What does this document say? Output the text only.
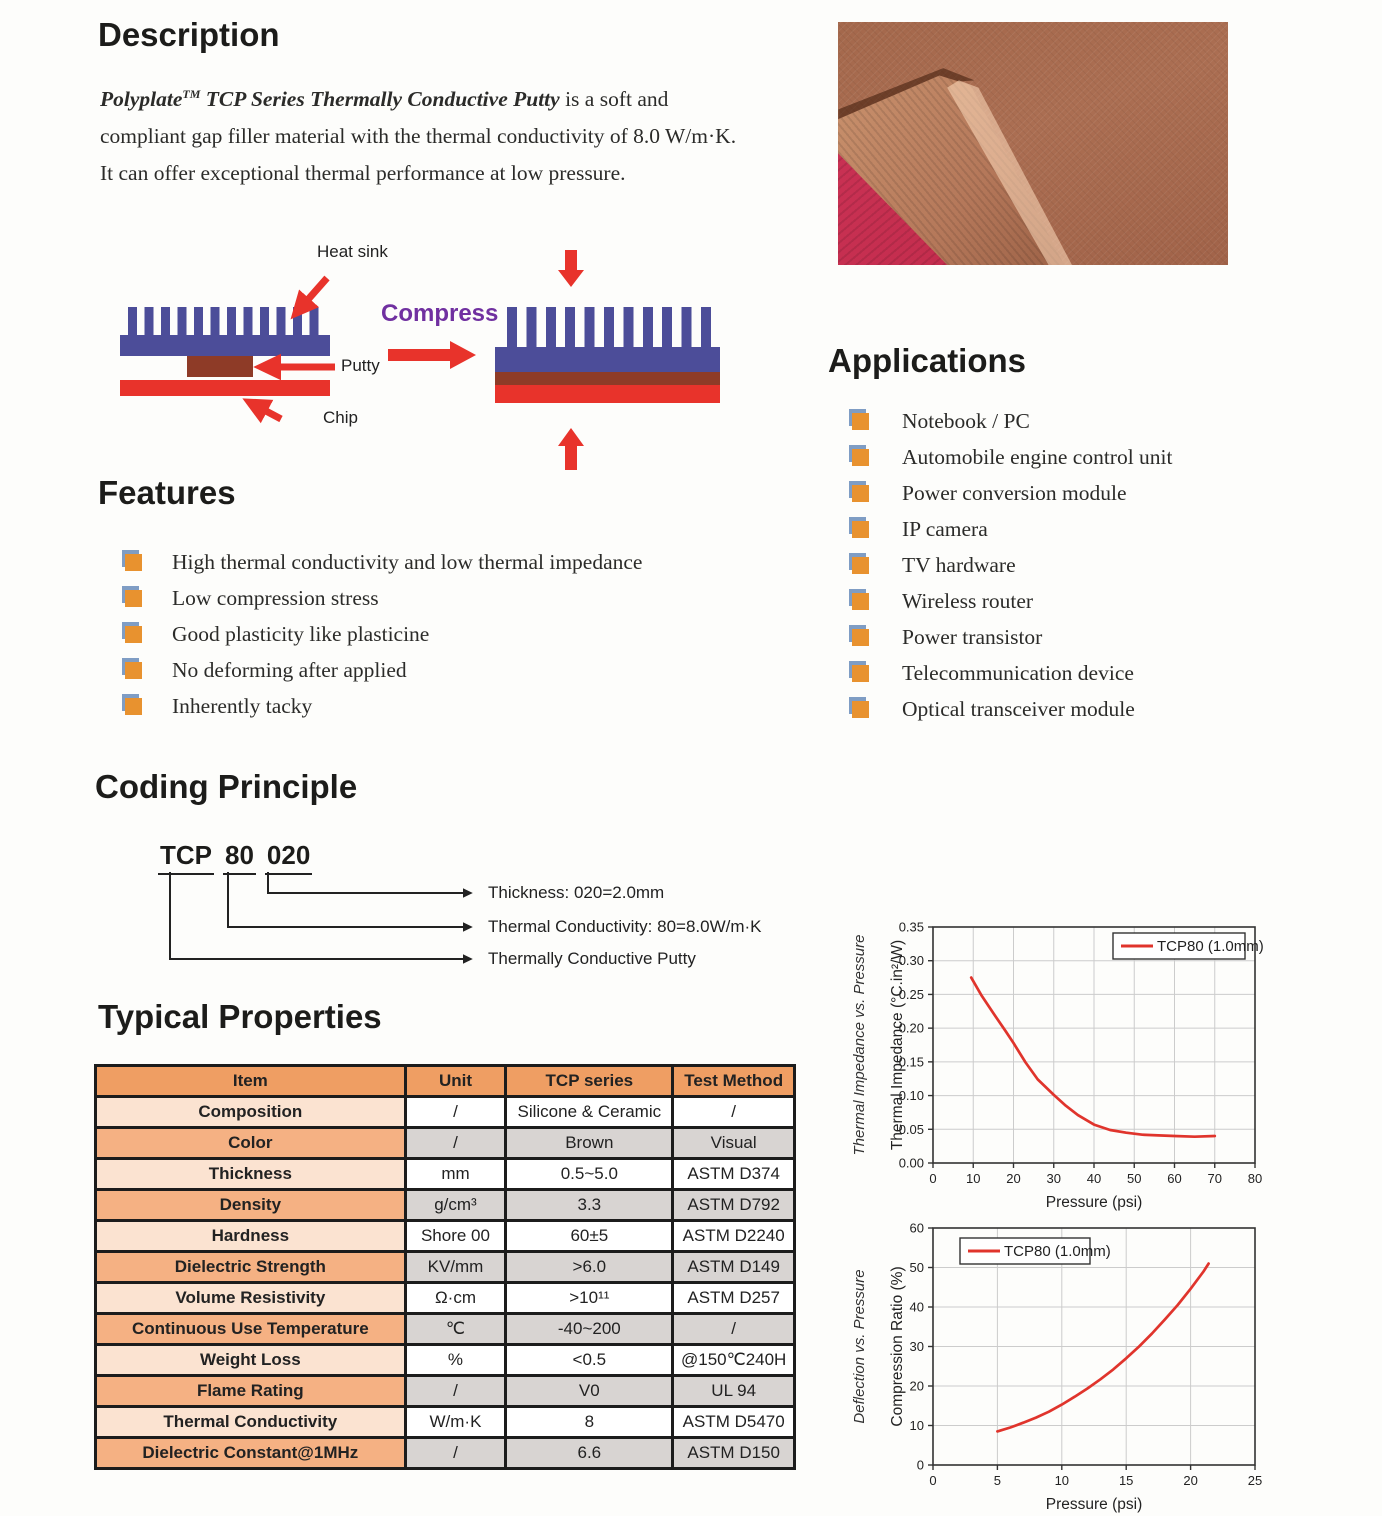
Description

Polyplate™ TCP Series Thermally Conductive Putty is a soft and compliant gap filler material with the thermal conductivity of 8.0 W/m·K. It can offer exceptional thermal performance at low pressure.

Heat sink
Compress
Putty
Chip
Applications
Notebook / PC
Automobile engine control unit
Power conversion module
IP camera
TV hardware
Wireless router
Power transistor
Telecommunication device
Optical transceiver module
Features
High thermal conductivity and low thermal impedance
Low compression stress
Good plasticity like plasticine
No deforming after applied
Inherently tacky
Coding Principle
TCP 80 020
Thickness: 020=2.0mm
Thermal Conductivity: 80=8.0W/m·K
Thermally Conductive Putty
Typical Properties
Item	Unit	TCP series	Test Method
Composition	/	Silicone & Ceramic	/
Color	/	Brown	Visual
Thickness	mm	0.5~5.0	ASTM D374
Density	g/cm³	3.3	ASTM D792
Hardness	Shore 00	60±5	ASTM D2240
Dielectric Strength	KV/mm	>6.0	ASTM D149
Volume Resistivity	Ω·cm	>10¹¹	ASTM D257
Continuous Use Temperature	℃	-40~200	/
Weight Loss	%	<0.5	@150℃240H
Flame Rating	/	V0	UL 94
Thermal Conductivity	W/m·K	8	ASTM D5470
Dielectric Constant@1MHz	/	6.6	ASTM D150
0 10 20 30 40 50 60 70 80
0.00
0.05
0.10
0.15
0.20
0.25
0.30
0.35
Pressure (psi)
Thermal Impedance (°C.in²/W)
Thermal Impedance vs. Pressure	TCP80 (1.0mm)
0	5	10	15	20	25
0
10
20
30
40
50
60
Pressure (psi)
Compression Ratio (%)
Deflection vs. Pressure
TCP80 (1.0mm)
